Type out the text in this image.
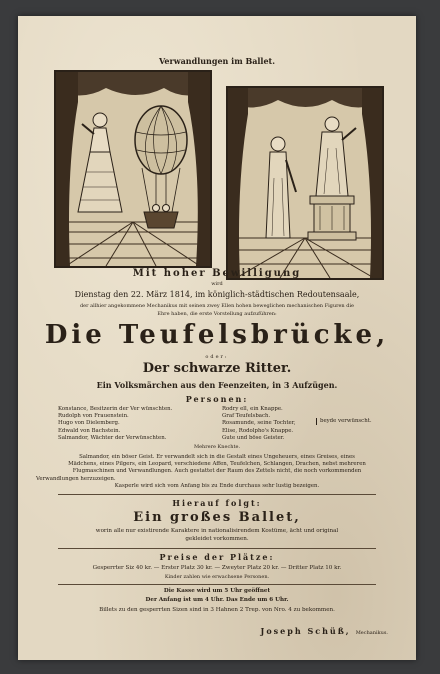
Verwandlungen im Ballet.
Mit hoher Bewilligung
wird
Dienstag den 22. März 1814, im königlich-städtischen Redoutensaale,
der allhier angekommene Mechanikus mit seinen zwey Ellen hohen beweglichen mechanischen Figuren die
Ehre haben, die erste Vorstellung aufzuführen:
Die Teufelsbrücke,
oder:
Der schwarze Ritter.
Ein Volksmärchen aus den Feenzeiten, in 3 Aufzügen.
Personen:
Konstance, Besitzerin der Ver wünschten.
Rudolph von Frauenstein.
Hugo von Dielemberg.
Edwald von Bachstein.
Salmandor, Wächter der Verwünschten.
Rodry ell, ein Knappe.
Graf Teufelsbach.
Rosamunde, seine Tochter,
Elise, Rodolpho's Knappe.
Gute und böse Geister.
beyde verwünscht.
Mehrere Knechte.
Salmandor, ein böser Geist. Er verwandelt sich in die Gestalt eines Ungeheuers, eines Greises, eines
Mädchens, eines Pilgers, ein Leopard, verschiedene Affen, Teufelchen, Schlangen, Drachen, nebst mehreren
Flugmaschinen und Verwandlungen. Auch gestattet der Raum des Zettels nicht, die noch vorkommenden
Verwandlungen herzuzeigen.
Kasperle wird sich vom Anfang bis zu Ende durchaus sehr lustig bezeigen.
Hierauf folgt:
Ein großes Ballet,
worin alle nur existirende Karaktere in nationalisirendem Kostüme, ächt und original
gekleidet vorkommen.
Preise der Plätze:
Gesperrter Siz 40 kr. — Erster Platz 30 kr. — Zweyter Platz 20 kr. — Dritter Platz 10 kr.
Kinder zahlen wie erwachsene Personen.
Die Kasse wird um 5 Uhr geöffnet
Der Anfang ist um 4 Uhr. Das Ende um 6 Uhr.
Billets zu den gesperrten Sizen sind in 3 Hahnen 2 Trep. von Nro. 4 zu bekommen.
Joseph Schüß, Mechanikus.
